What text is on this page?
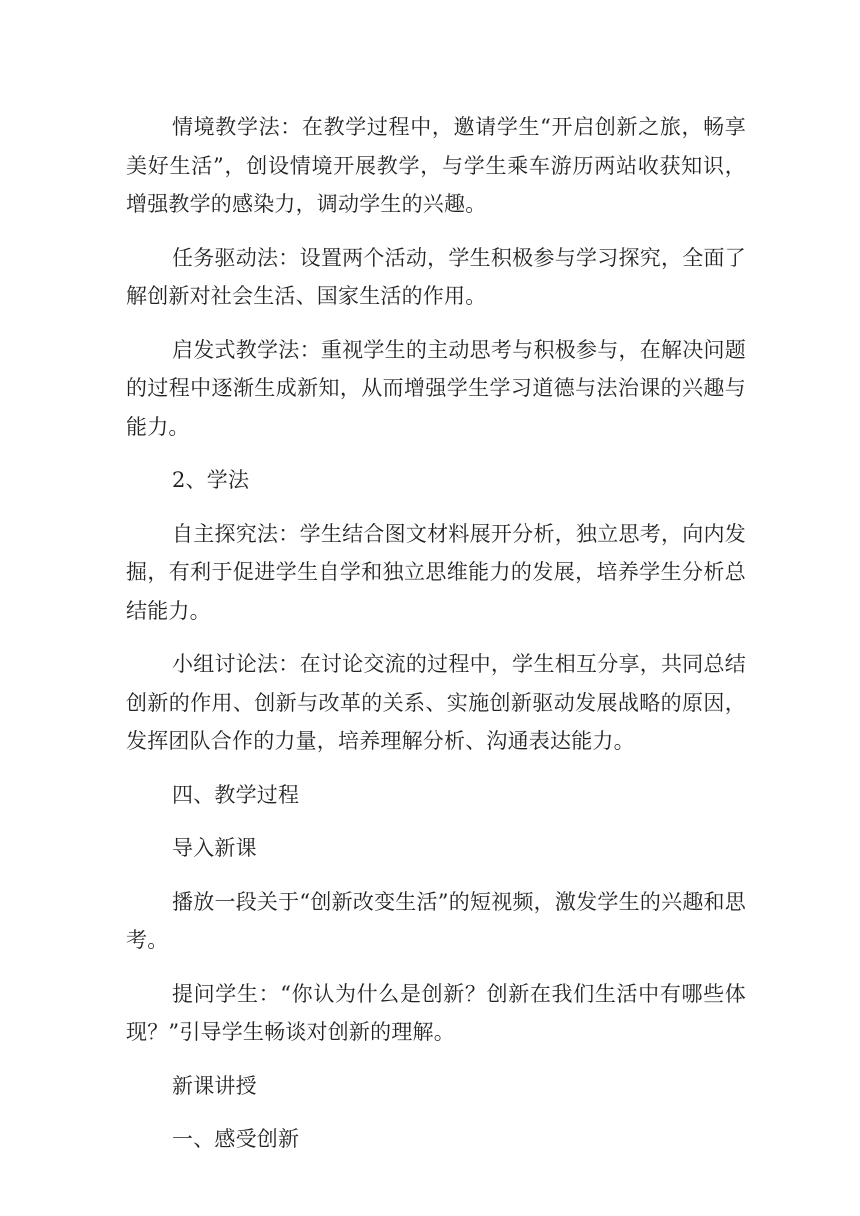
情境教学法：在教学过程中，邀请学生“开启创新之旅，畅享美好生活”，创设情境开展教学，与学生乘车游历两站收获知识，增强教学的感染力，调动学生的兴趣。

任务驱动法：设置两个活动，学生积极参与学习探究，全面了解创新对社会生活、国家生活的作用。

启发式教学法：重视学生的主动思考与积极参与，在解决问题的过程中逐渐生成新知，从而增强学生学习道德与法治课的兴趣与能力。

2、学法

自主探究法：学生结合图文材料展开分析，独立思考，向内发掘，有利于促进学生自学和独立思维能力的发展，培养学生分析总结能力。

小组讨论法：在讨论交流的过程中，学生相互分享，共同总结创新的作用、创新与改革的关系、实施创新驱动发展战略的原因，发挥团队合作的力量，培养理解分析、沟通表达能力。

四、教学过程

导入新课

播放一段关于“创新改变生活”的短视频，激发学生的兴趣和思考。

提问学生：“你认为什么是创新？创新在我们生活中有哪些体现？”引导学生畅谈对创新的理解。

新课讲授

一、感受创新
